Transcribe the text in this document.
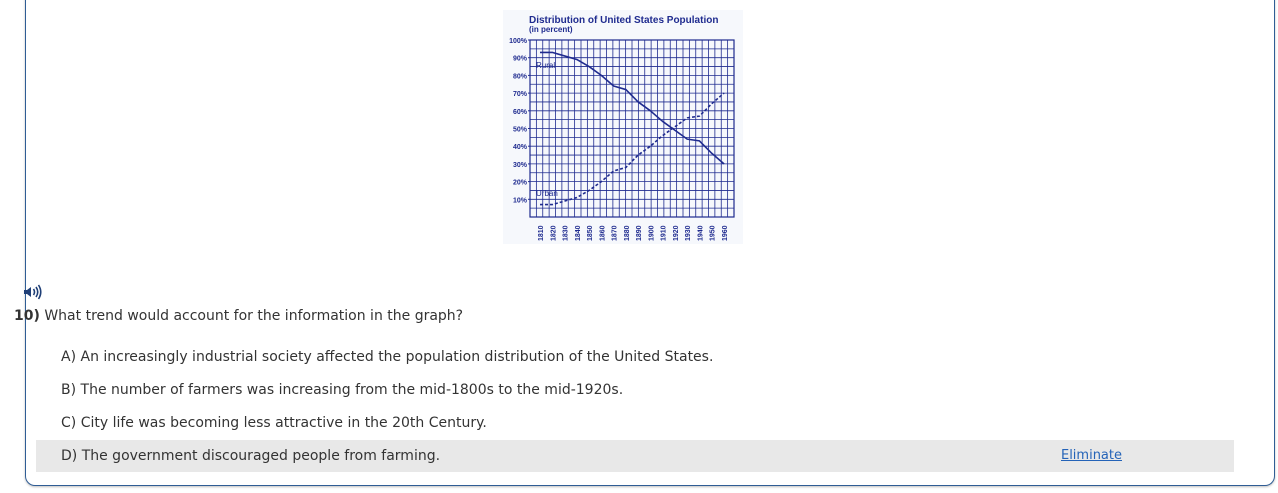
Distribution of United States Population
(in percent)
100%
90%
80%
70%
60%
50%
40%
30%
20%
10%
1810 1820 1830 1840 1850 1860 1870 1880 1890 1900 1910 1920 1930 1940 1950 1960
Rural
Urban
10) What trend would account for the information in the graph?
A) An increasingly industrial society affected the population distribution of the United States.
B) The number of farmers was increasing from the mid-1800s to the mid-1920s.
C) City life was becoming less attractive in the 20th Century.
D) The government discouraged people from farming.	Eliminate
